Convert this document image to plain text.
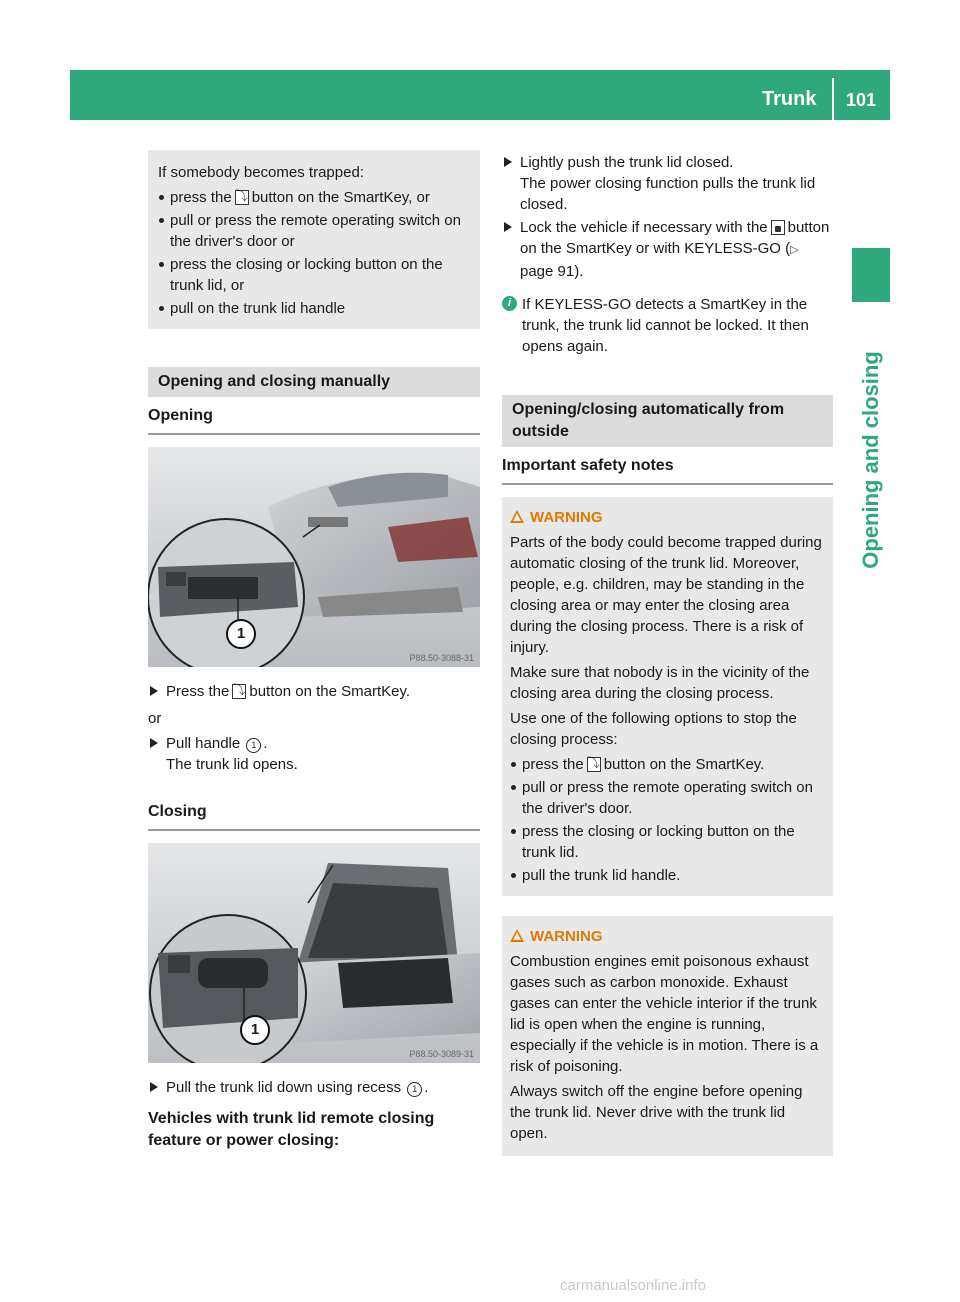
Trunk 101
Opening and closing
If somebody becomes trapped:
press the ⤵ button on the SmartKey, or
pull or press the remote operating switch on the driver's door or
press the closing or locking button on the trunk lid, or
pull on the trunk lid handle
Opening and closing manually
Opening
1
P88.50-3088-31
Press the ⤵ button on the SmartKey.
or
Pull handle 1 .
The trunk lid opens.
Closing
1
P88.50-3089-31
Pull the trunk lid down using recess 1 .
Vehicles with trunk lid remote closing feature or power closing:
Lightly push the trunk lid closed.
The power closing function pulls the trunk lid closed.
Lock the vehicle if necessary with the button on the SmartKey or with KEYLESS-GO (▷ page 91).
i If KEYLESS-GO detects a SmartKey in the trunk, the trunk lid cannot be locked. It then opens again.
Opening/closing automatically from outside
Important safety notes
WARNING
Parts of the body could become trapped during automatic closing of the trunk lid. Moreover, people, e.g. children, may be standing in the closing area or may enter the closing area during the closing process. There is a risk of injury.
Make sure that nobody is in the vicinity of the closing area during the closing process.
Use one of the following options to stop the closing process:
press the ⤵ button on the SmartKey.
pull or press the remote operating switch on the driver's door.
press the closing or locking button on the trunk lid.
pull the trunk lid handle.
WARNING
Combustion engines emit poisonous exhaust gases such as carbon monoxide. Exhaust gases can enter the vehicle interior if the trunk lid is open when the engine is running, especially if the vehicle is in motion. There is a risk of poisoning.
Always switch off the engine before opening the trunk lid. Never drive with the trunk lid open.
carmanualsonline.info
